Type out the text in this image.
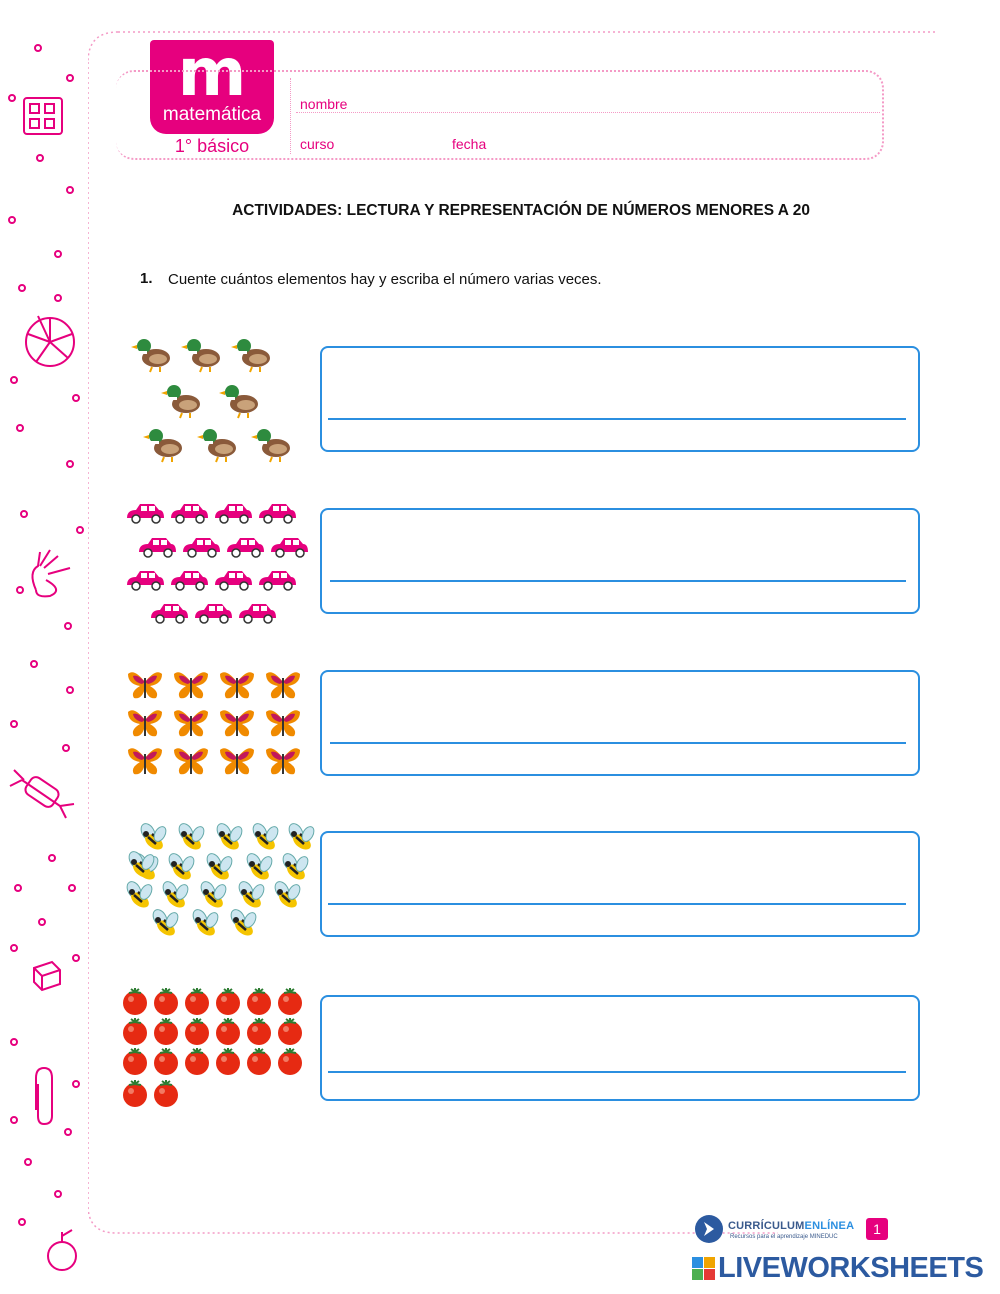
m
matemática
1° básico
nombre
curso	fecha
ACTIVIDADES: LECTURA Y REPRESENTACIÓN DE NÚMEROS MENORES A 20
1. Cuente cuántos elementos hay y escriba el número varias veces.
CURRÍCULUMENLÍNEA
Recursos para el aprendizaje MINEDUC	1
LIVEWORKSHEETS
